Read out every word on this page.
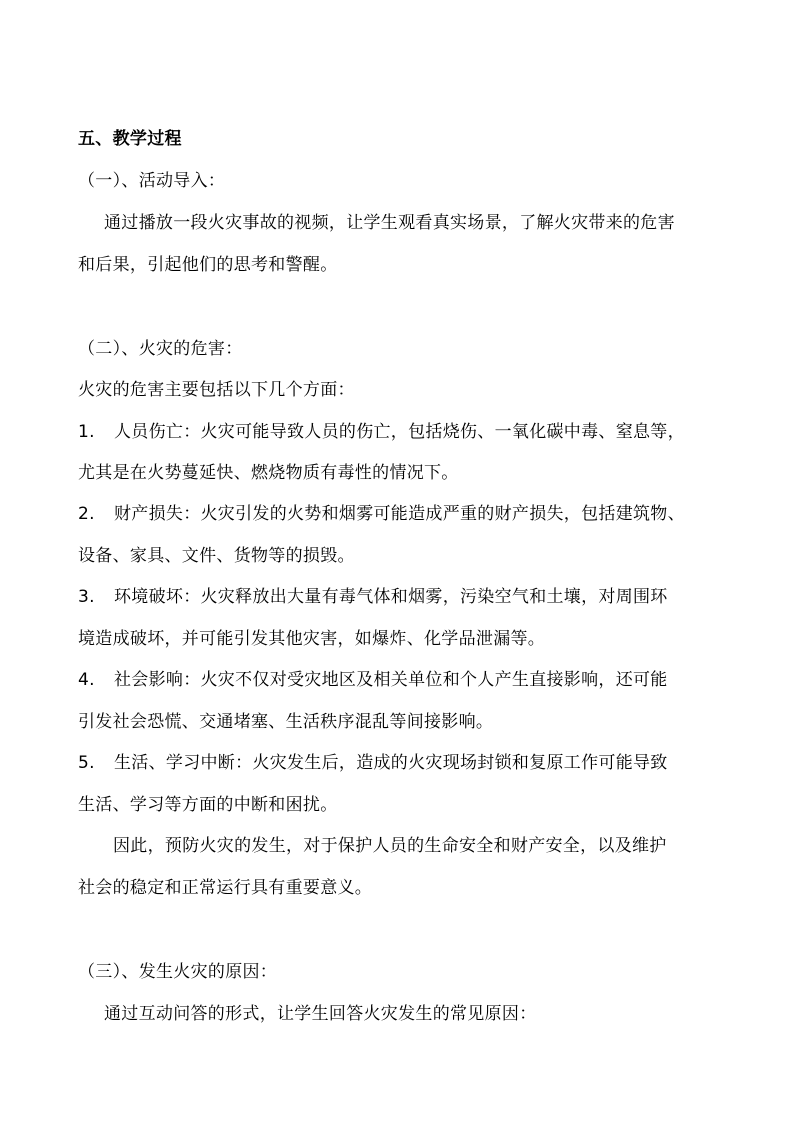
五、教学过程
（一）、活动导入：
通过播放一段火灾事故的视频，让学生观看真实场景，了解火灾带来的危害
和后果，引起他们的思考和警醒。
（二）、火灾的危害：
火灾的危害主要包括以下几个方面：
1. 人员伤亡：火灾可能导致人员的伤亡，包括烧伤、一氧化碳中毒、窒息等，
尤其是在火势蔓延快、燃烧物质有毒性的情况下。
2. 财产损失：火灾引发的火势和烟雾可能造成严重的财产损失，包括建筑物、
设备、家具、文件、货物等的损毁。
3. 环境破坏：火灾释放出大量有毒气体和烟雾，污染空气和土壤，对周围环
境造成破坏，并可能引发其他灾害，如爆炸、化学品泄漏等。
4. 社会影响：火灾不仅对受灾地区及相关单位和个人产生直接影响，还可能
引发社会恐慌、交通堵塞、生活秩序混乱等间接影响。
5. 生活、学习中断：火灾发生后，造成的火灾现场封锁和复原工作可能导致
生活、学习等方面的中断和困扰。
因此，预防火灾的发生，对于保护人员的生命安全和财产安全，以及维护
社会的稳定和正常运行具有重要意义。
（三）、发生火灾的原因：
通过互动问答的形式，让学生回答火灾发生的常见原因：
